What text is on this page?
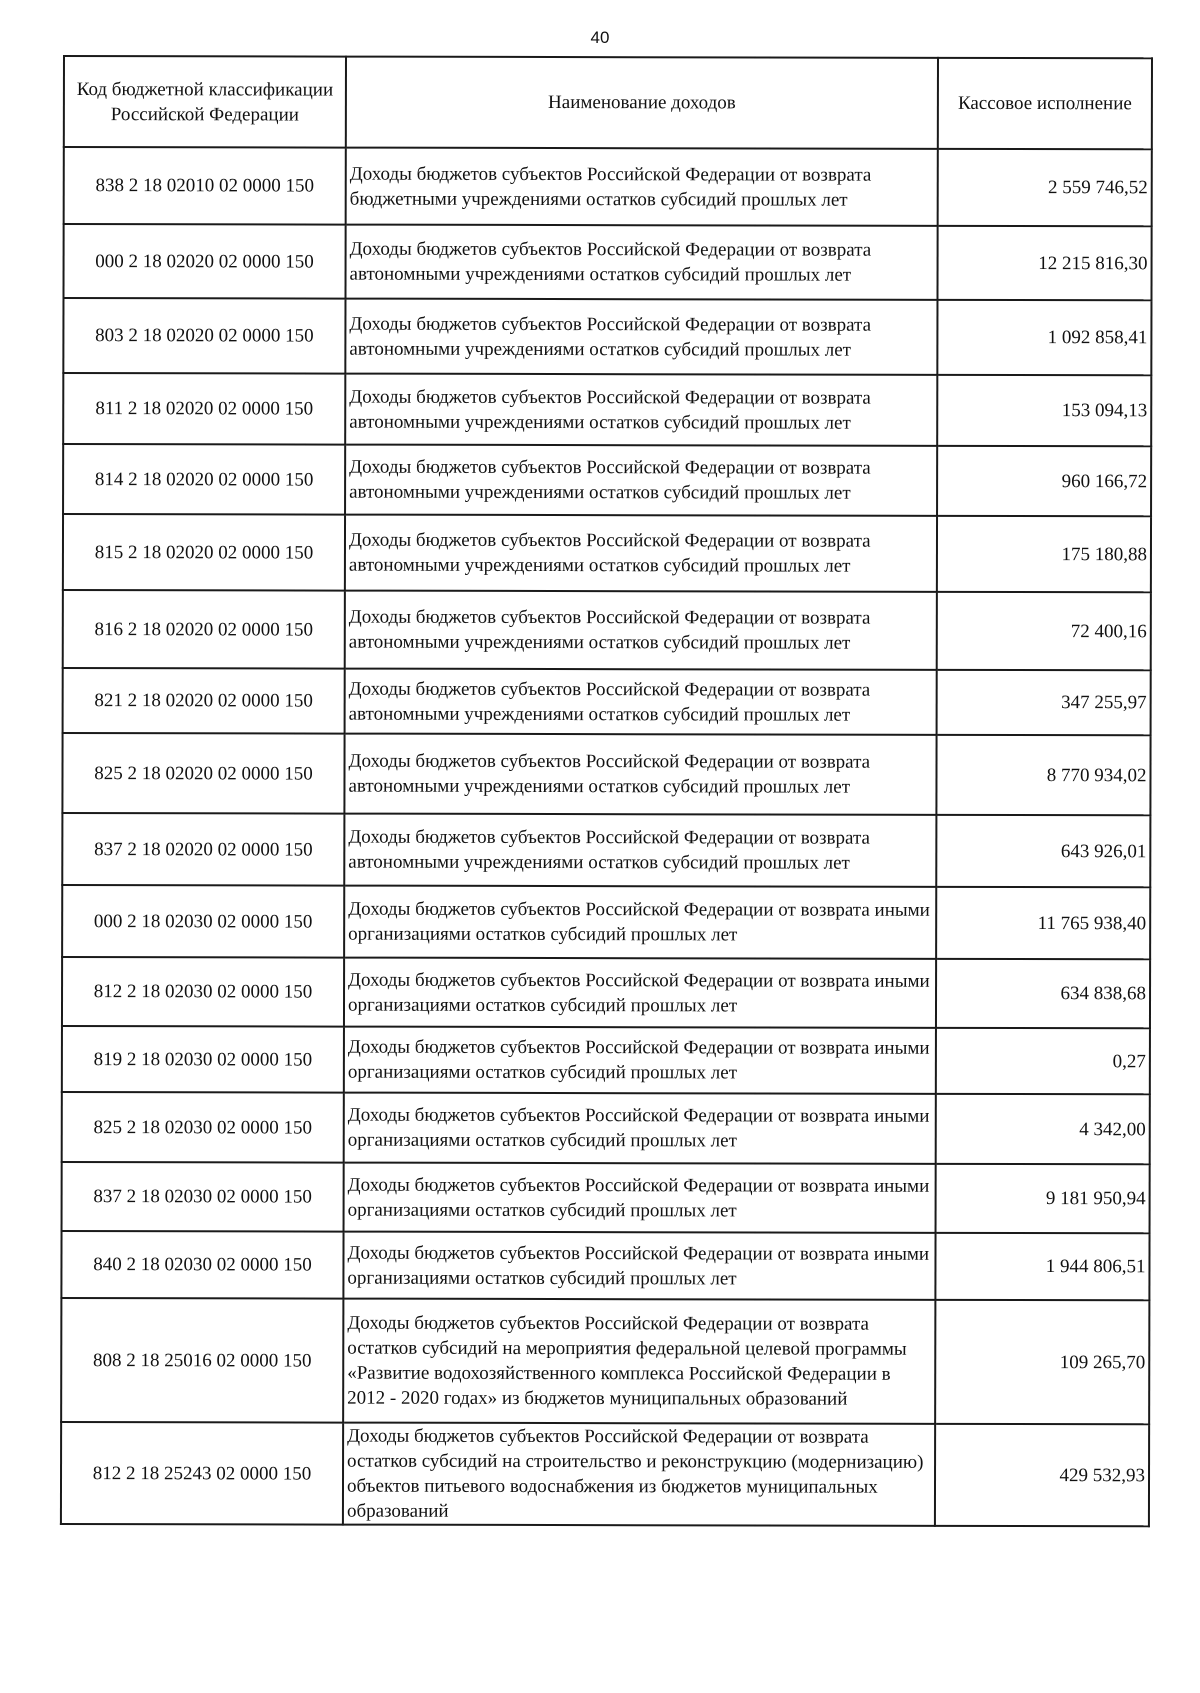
40
Код бюджетной классификации Российской Федерации	Наименование доходов	Кассовое исполнение
838 2 18 02010 02 0000 150	Доходы бюджетов субъектов Российской Федерации от возврата бюджетными учреждениями остатков субсидий прошлых лет	2 559 746,52
000 2 18 02020 02 0000 150	Доходы бюджетов субъектов Российской Федерации от возврата автономными учреждениями остатков субсидий прошлых лет	12 215 816,30
803 2 18 02020 02 0000 150	Доходы бюджетов субъектов Российской Федерации от возврата автономными учреждениями остатков субсидий прошлых лет	1 092 858,41
811 2 18 02020 02 0000 150	Доходы бюджетов субъектов Российской Федерации от возврата автономными учреждениями остатков субсидий прошлых лет	153 094,13
814 2 18 02020 02 0000 150	Доходы бюджетов субъектов Российской Федерации от возврата автономными учреждениями остатков субсидий прошлых лет	960 166,72
815 2 18 02020 02 0000 150	Доходы бюджетов субъектов Российской Федерации от возврата автономными учреждениями остатков субсидий прошлых лет	175 180,88
816 2 18 02020 02 0000 150	Доходы бюджетов субъектов Российской Федерации от возврата автономными учреждениями остатков субсидий прошлых лет	72 400,16
821 2 18 02020 02 0000 150	Доходы бюджетов субъектов Российской Федерации от возврата автономными учреждениями остатков субсидий прошлых лет	347 255,97
825 2 18 02020 02 0000 150	Доходы бюджетов субъектов Российской Федерации от возврата автономными учреждениями остатков субсидий прошлых лет	8 770 934,02
837 2 18 02020 02 0000 150	Доходы бюджетов субъектов Российской Федерации от возврата автономными учреждениями остатков субсидий прошлых лет	643 926,01
000 2 18 02030 02 0000 150	Доходы бюджетов субъектов Российской Федерации от возврата иными организациями остатков субсидий прошлых лет	11 765 938,40
812 2 18 02030 02 0000 150	Доходы бюджетов субъектов Российской Федерации от возврата иными организациями остатков субсидий прошлых лет	634 838,68
819 2 18 02030 02 0000 150	Доходы бюджетов субъектов Российской Федерации от возврата иными организациями остатков субсидий прошлых лет	0,27
825 2 18 02030 02 0000 150	Доходы бюджетов субъектов Российской Федерации от возврата иными организациями остатков субсидий прошлых лет	4 342,00
837 2 18 02030 02 0000 150	Доходы бюджетов субъектов Российской Федерации от возврата иными организациями остатков субсидий прошлых лет	9 181 950,94
840 2 18 02030 02 0000 150	Доходы бюджетов субъектов Российской Федерации от возврата иными организациями остатков субсидий прошлых лет	1 944 806,51
808 2 18 25016 02 0000 150	Доходы бюджетов субъектов Российской Федерации от возврата остатков субсидий на мероприятия федеральной целевой программы «Развитие водохозяйственного комплекса Российской Федерации в 2012 - 2020 годах» из бюджетов муниципальных образований	109 265,70
812 2 18 25243 02 0000 150	Доходы бюджетов субъектов Российской Федерации от возврата остатков субсидий на строительство и реконструкцию (модернизацию) объектов питьевого водоснабжения из бюджетов муниципальных образований	429 532,93
